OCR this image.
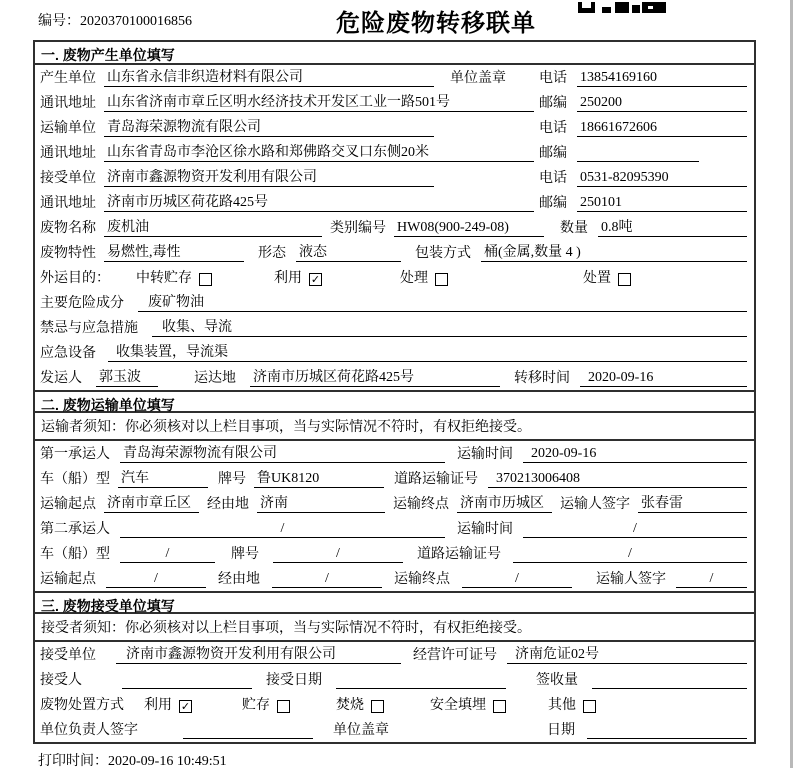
编号：2020370100016856	危险废物转移联单
一. 废物产生单位填写
产生单位 山东省永信非织造材料有限公司	单位盖章 电话 13854169160
通讯地址 山东省济南市章丘区明水经济技术开发区工业一路501号	邮编 250200
运输单位 青岛海荣源物流有限公司	电话 18661672606
通讯地址 山东省青岛市李沧区徐水路和郑佛路交叉口东侧20米	邮编
接受单位 济南市鑫源物资开发利用有限公司	电话 0531-82095390
通讯地址 济南市历城区荷花路425号	邮编 250101
废物名称 废机油	类别编号 HW08(900-249-08)	数量 0.8吨
废物特性 易燃性,毒性	形态 液态	包装方式 桶(金属,数量 4 )
外运目的： 中转贮存	利用 ✓	处理	处置
主要危险成分	废矿物油
禁忌与应急措施	收集、导流
应急设备	收集装置，导流渠
发运人 郭玉波	运达地 济南市历城区荷花路425号	转移时间	2020-09-16
二. 废物运输单位填写
运输者须知：你必须核对以上栏目事项，当与实际情况不符时，有权拒绝接受。
第一承运人 青岛海荣源物流有限公司	运输时间	2020-09-16
车（船）型 汽车	牌号 鲁UK8120	道路运输证号	370213006408
运输起点 济南市章丘区	经由地 济南	运输终点 济南市历城区	运输人签字 张春雷
第二承运人	/	运输时间	/
车（船）型	/	牌号	/	道路运输证号	/
运输起点	/	经由地	/	运输终点	/	运输人签字	/
三. 废物接受单位填写
接受者须知：你必须核对以上栏目事项，当与实际情况不符时，有权拒绝接受。
接受单位	济南市鑫源物资开发利用有限公司	经营许可证号	济南危证02号
接受人	接受日期	签收量
废物处置方式 利用 ✓	贮存	焚烧	安全填埋	其他
单位负责人签字	单位盖章	日期
打印时间：2020-09-16 10:49:51
